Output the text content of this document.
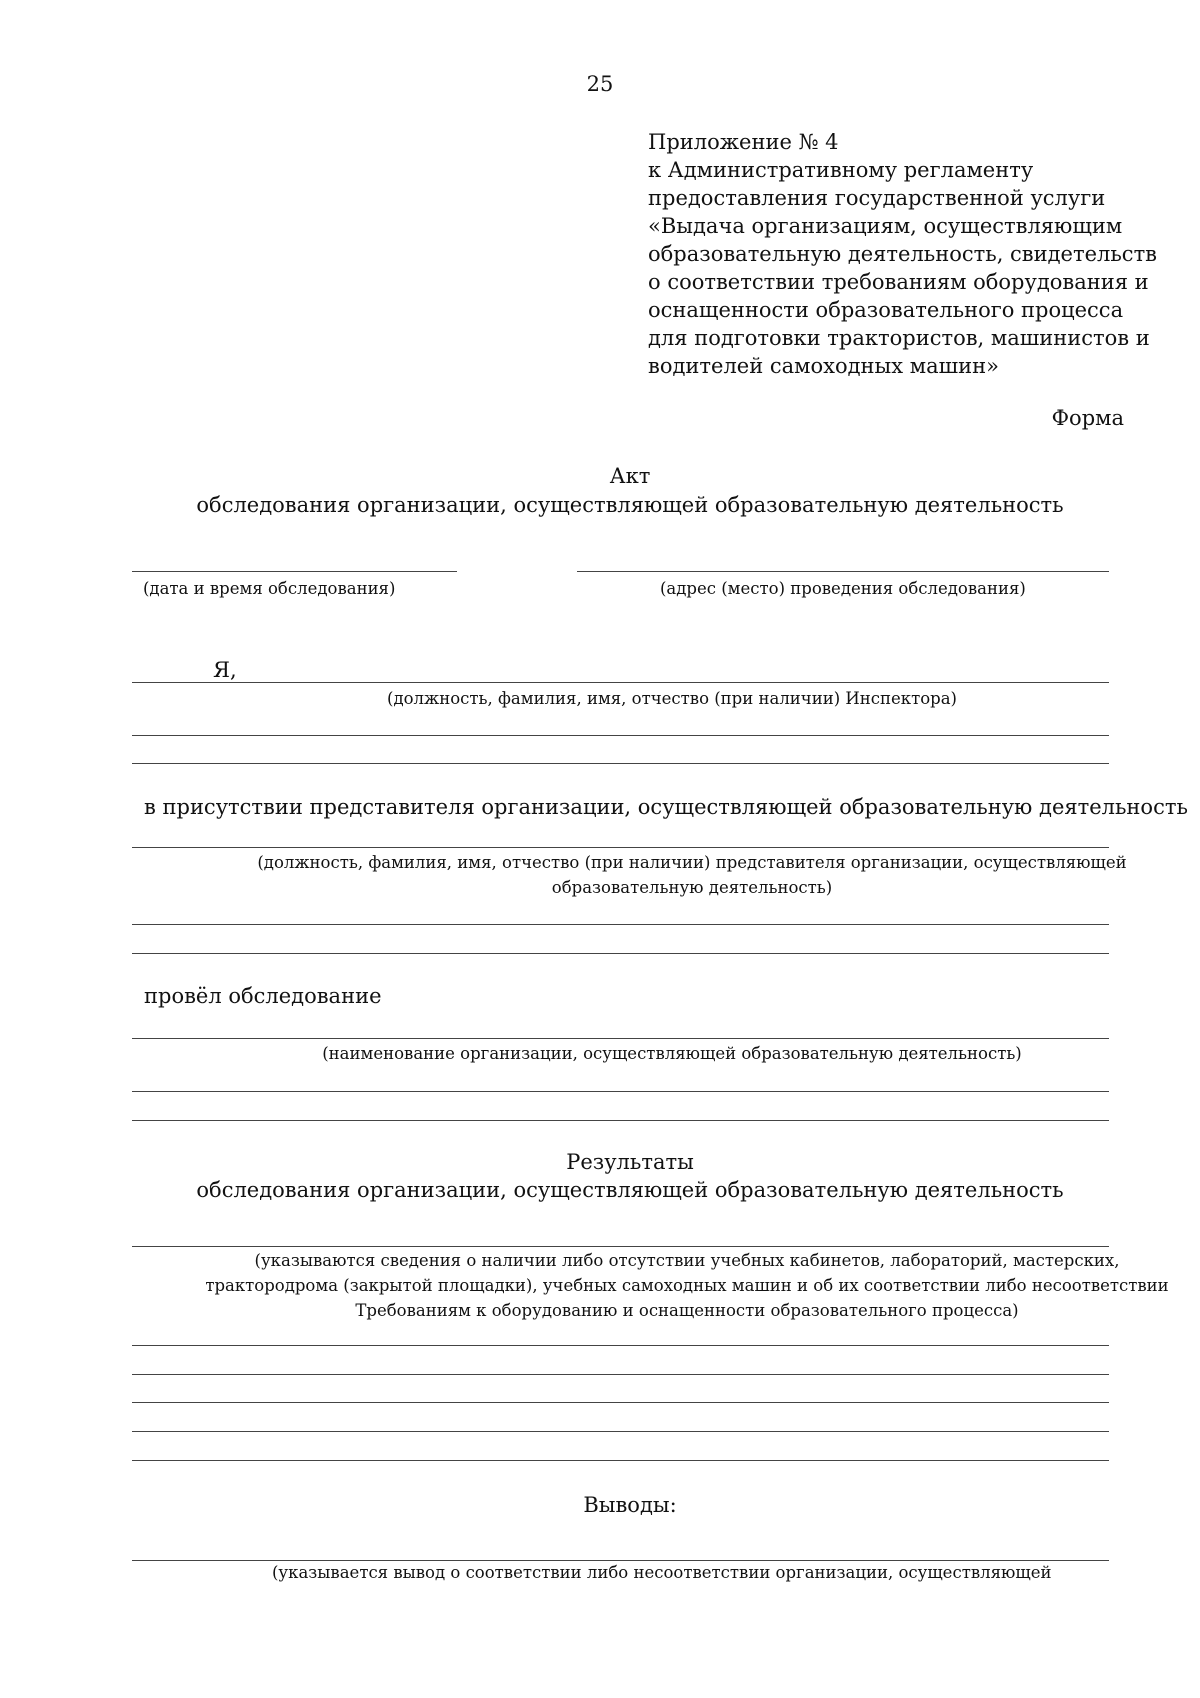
25
Приложение № 4
к Административному регламенту
предоставления государственной услуги
«Выдача организациям, осуществляющим
образовательную деятельность, свидетельств
о соответствии требованиям оборудования и
оснащенности образовательного процесса
для подготовки трактористов, машинистов и
водителей самоходных машин»
Форма
Акт
обследования организации, осуществляющей образовательную деятельность
(дата и время обследования)	(адрес (место) проведения обследования)
Я,
(должность, фамилия, имя, отчество (при наличии) Инспектора)
в присутствии представителя организации, осуществляющей образовательную деятельность
(должность, фамилия, имя, отчество (при наличии) представителя организации, осуществляющей
образовательную деятельность)
провёл обследование
(наименование организации, осуществляющей образовательную деятельность)
Результаты
обследования организации, осуществляющей образовательную деятельность
(указываются сведения о наличии либо отсутствии учебных кабинетов, лабораторий, мастерских,
трактородрома (закрытой площадки), учебных самоходных машин и об их соответствии либо несоответствии
Требованиям к оборудованию и оснащенности образовательного процесса)
Выводы:
(указывается вывод о соответствии либо несоответствии организации, осуществляющей
